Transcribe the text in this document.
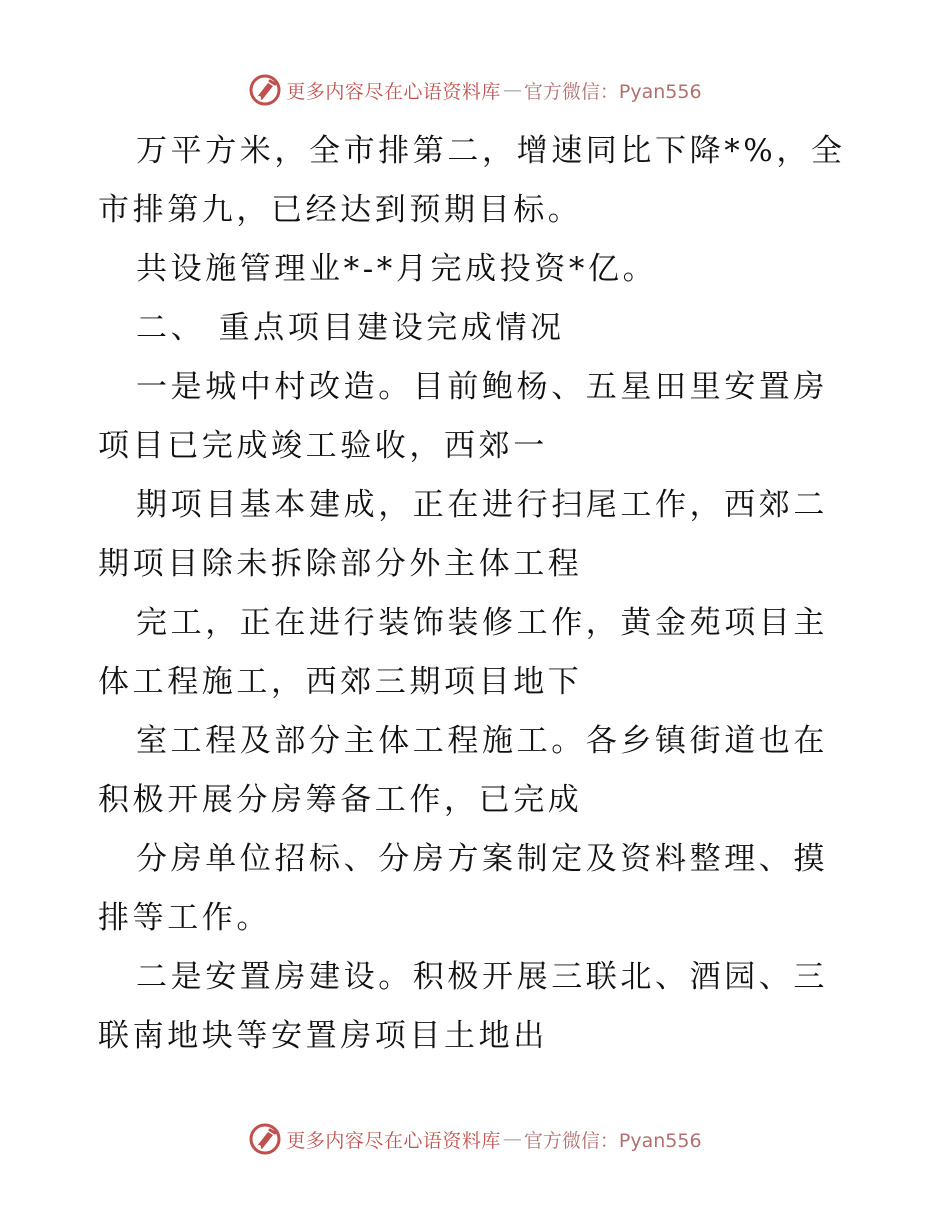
更多内容尽在心语资料库 — 官方微信：Pyan556

万平方米，全市排第二，增速同比下降*%，全市排第九，已经达到预期目标。

共设施管理业*-*月完成投资*亿。

二、 重点项目建设完成情况

一是城中村改造。目前鲍杨、五星田里安置房项目已完成竣工验收，西郊一

期项目基本建成，正在进行扫尾工作，西郊二期项目除未拆除部分外主体工程

完工，正在进行装饰装修工作，黄金苑项目主体工程施工，西郊三期项目地下

室工程及部分主体工程施工。各乡镇街道也在积极开展分房筹备工作，已完成

分房单位招标、分房方案制定及资料整理、摸排等工作。

二是安置房建设。积极开展三联北、酒园、三联南地块等安置房项目土地出

更多内容尽在心语资料库 — 官方微信：Pyan556
